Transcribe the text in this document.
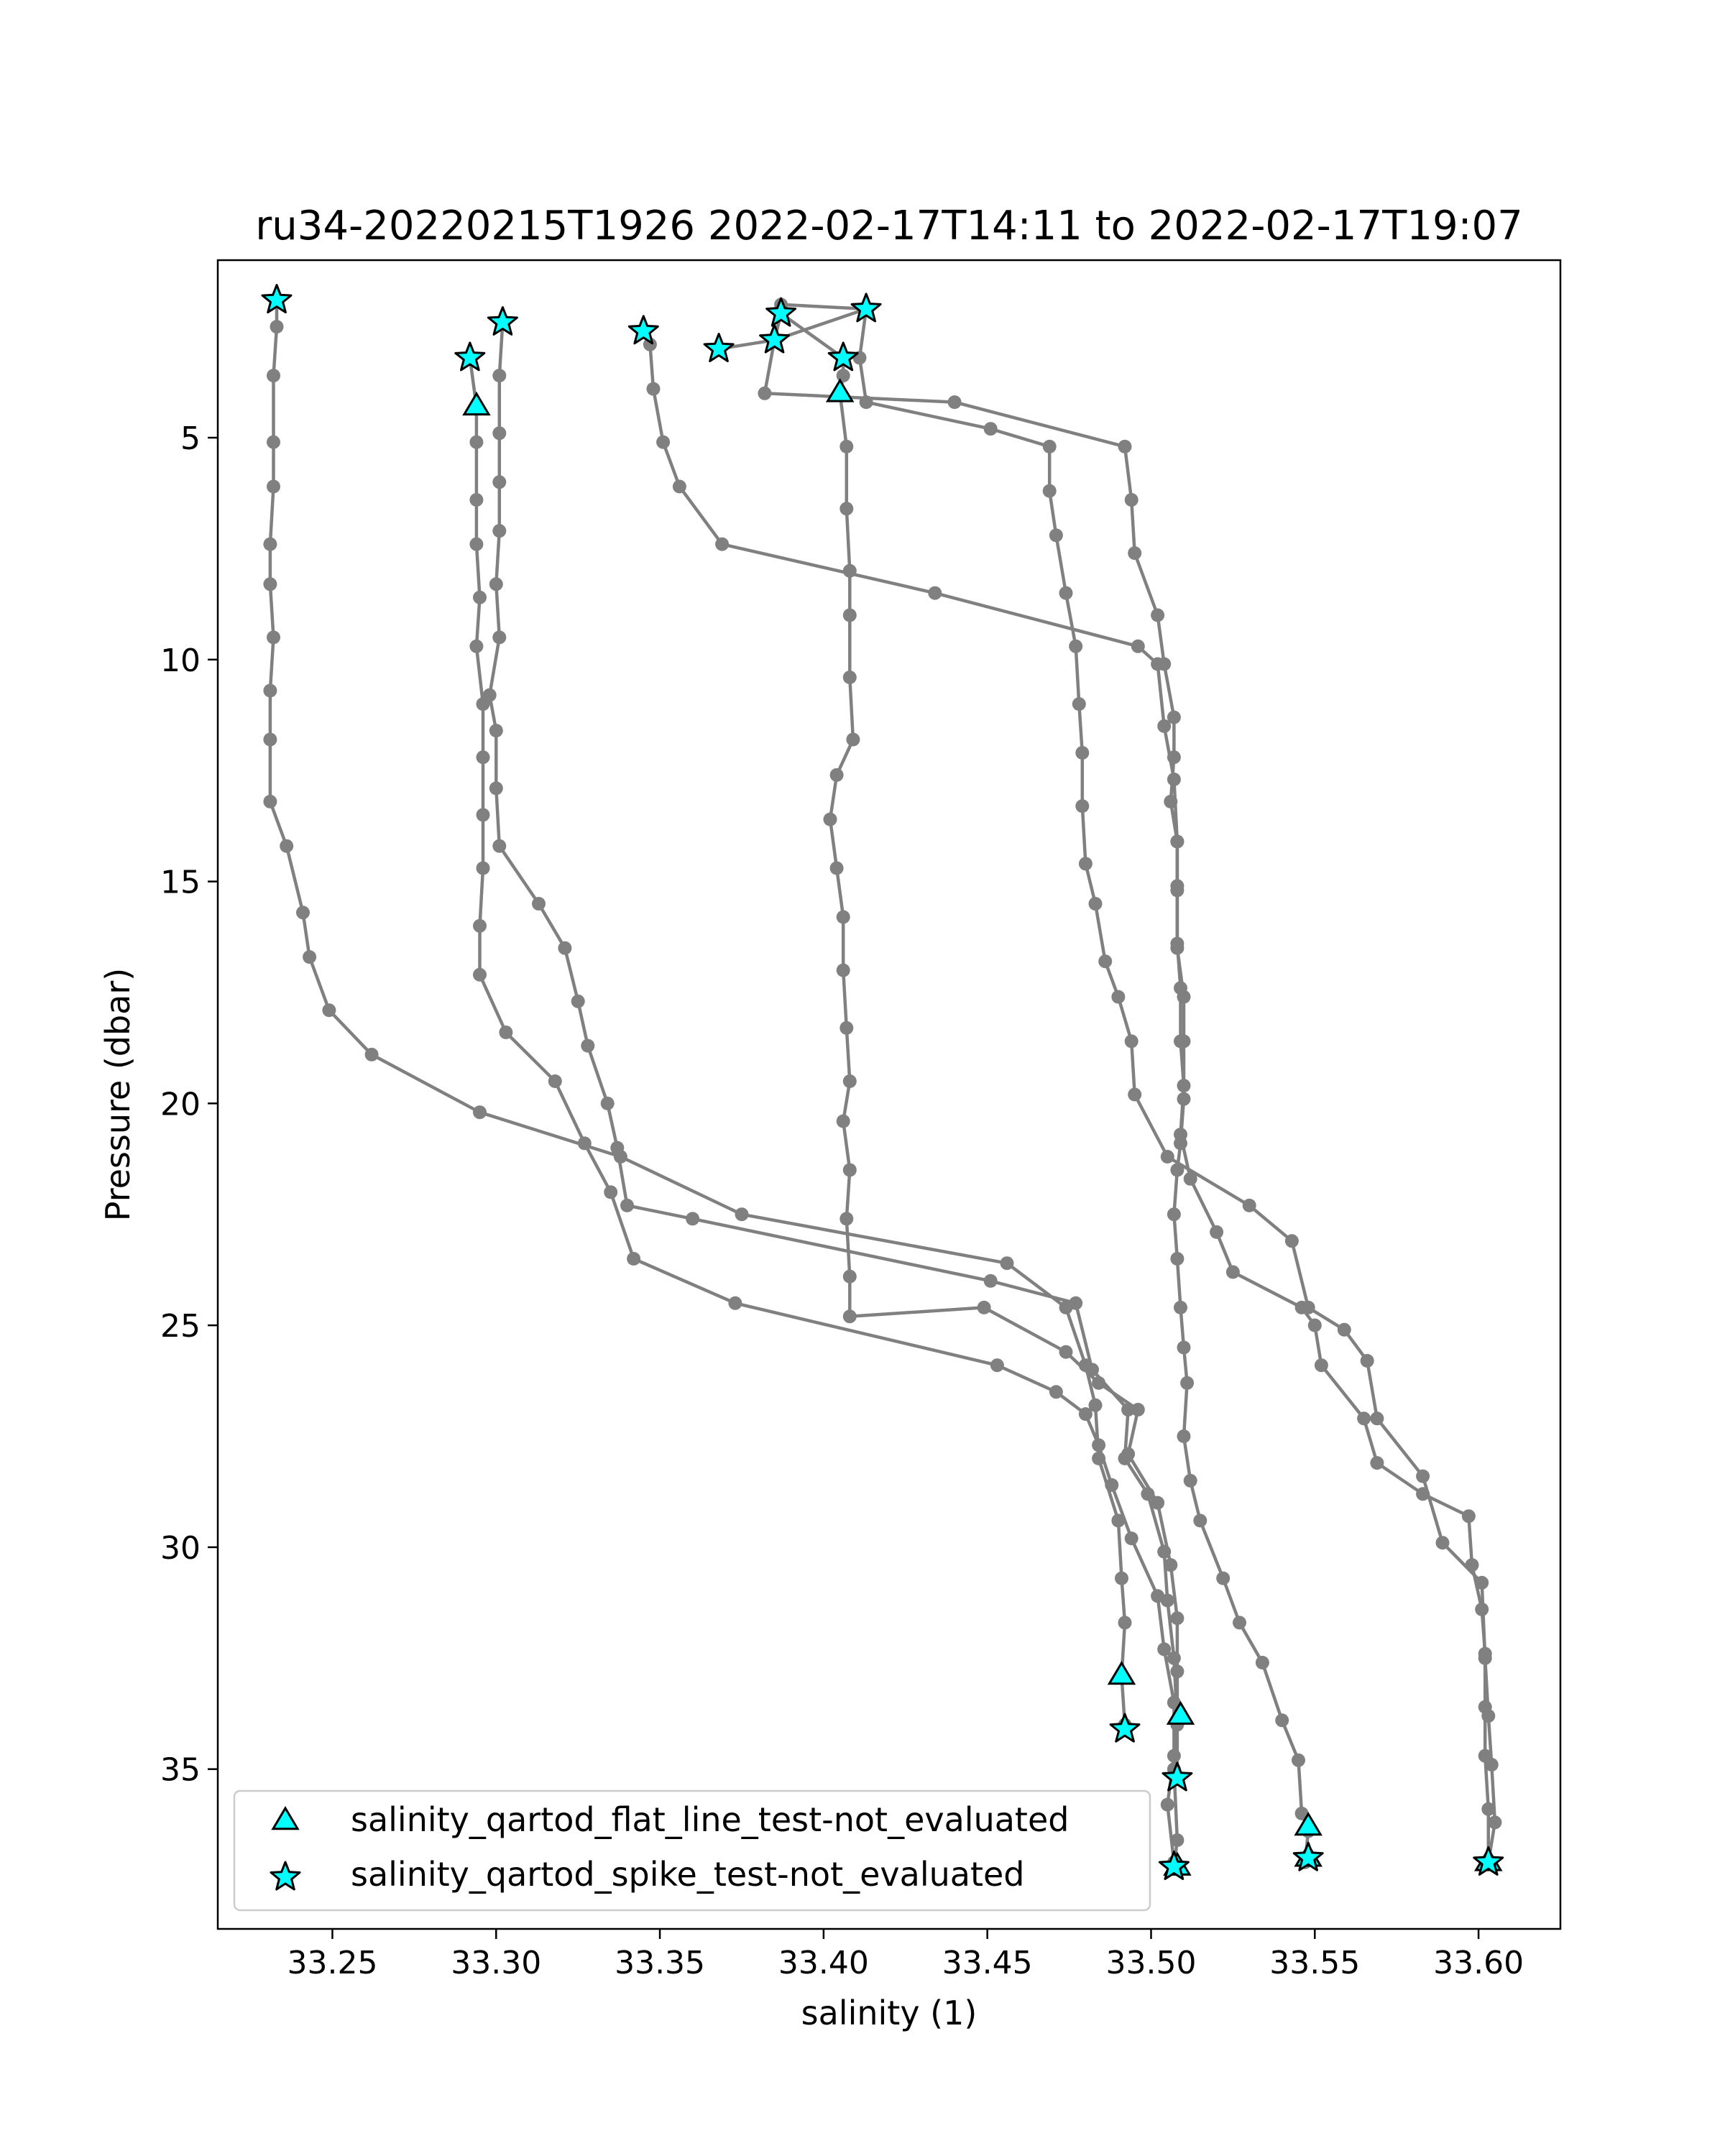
33.25 33.30 33.35 33.40 33.45 33.50 33.55 33.60
5
10
15
20
25
30
35
ru34-20220215T1926 2022-02-17T14:11 to 2022-02-17T19:07
salinity (1)
Pressure (dbar)
salinity_qartod_flat_line_test-not_evaluated
salinity_qartod_spike_test-not_evaluated
